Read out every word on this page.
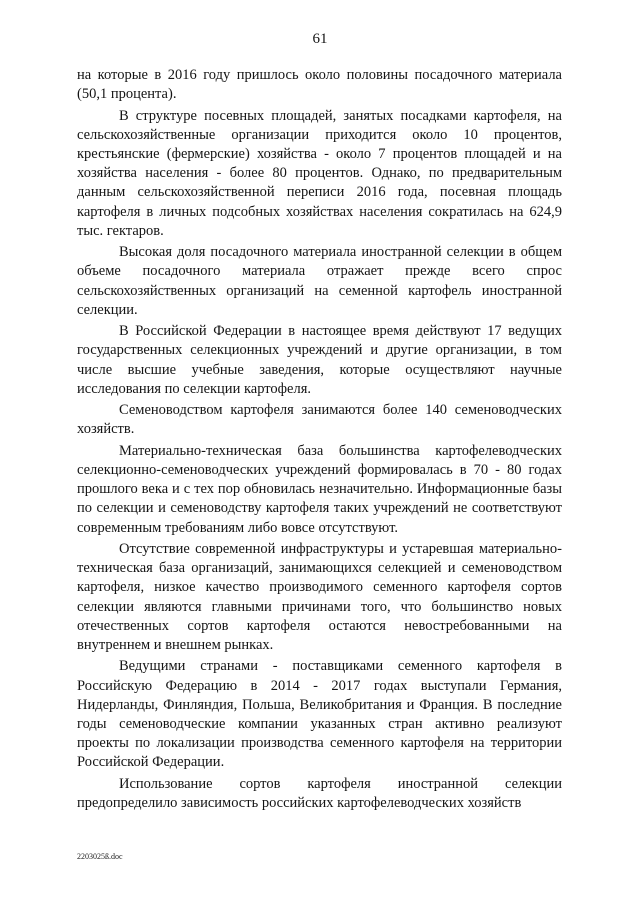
61

на которые в 2016 году пришлось около половины посадочного материала (50,1 процента).

В структуре посевных площадей, занятых посадками картофеля, на сельскохозяйственные организации приходится около 10 процентов, крестьянские (фермерские) хозяйства - около 7 процентов площадей и на хозяйства населения - более 80 процентов. Однако, по предварительным данным сельскохозяйственной переписи 2016 года, посевная площадь картофеля в личных подсобных хозяйствах населения сократилась на 624,9 тыс. гектаров.

Высокая доля посадочного материала иностранной селекции в общем объеме посадочного материала отражает прежде всего спрос сельскохозяйственных организаций на семенной картофель иностранной селекции.

В Российской Федерации в настоящее время действуют 17 ведущих государственных селекционных учреждений и другие организации, в том числе высшие учебные заведения, которые осуществляют научные исследования по селекции картофеля.

Семеноводством картофеля занимаются более 140 семеноводческих хозяйств.

Материально-техническая база большинства картофелеводческих селекционно-семеноводческих учреждений формировалась в 70 - 80 годах прошлого века и с тех пор обновилась незначительно. Информационные базы по селекции и семеноводству картофеля таких учреждений не соответствуют современным требованиям либо вовсе отсутствуют.

Отсутствие современной инфраструктуры и устаревшая материально-техническая база организаций, занимающихся селекцией и семеноводством картофеля, низкое качество производимого семенного картофеля сортов селекции являются главными причинами того, что большинство новых отечественных сортов картофеля остаются невостребованными на внутреннем и внешнем рынках.

Ведущими странами - поставщиками семенного картофеля в Российскую Федерацию в 2014 - 2017 годах выступали Германия, Нидерланды, Финляндия, Польша, Великобритания и Франция. В последние годы семеноводческие компании указанных стран активно реализуют проекты по локализации производства семенного картофеля на территории Российской Федерации.

Использование сортов картофеля иностранной селекции предопределило зависимость российских картофелеводческих хозяйств

2203025ß.doc
